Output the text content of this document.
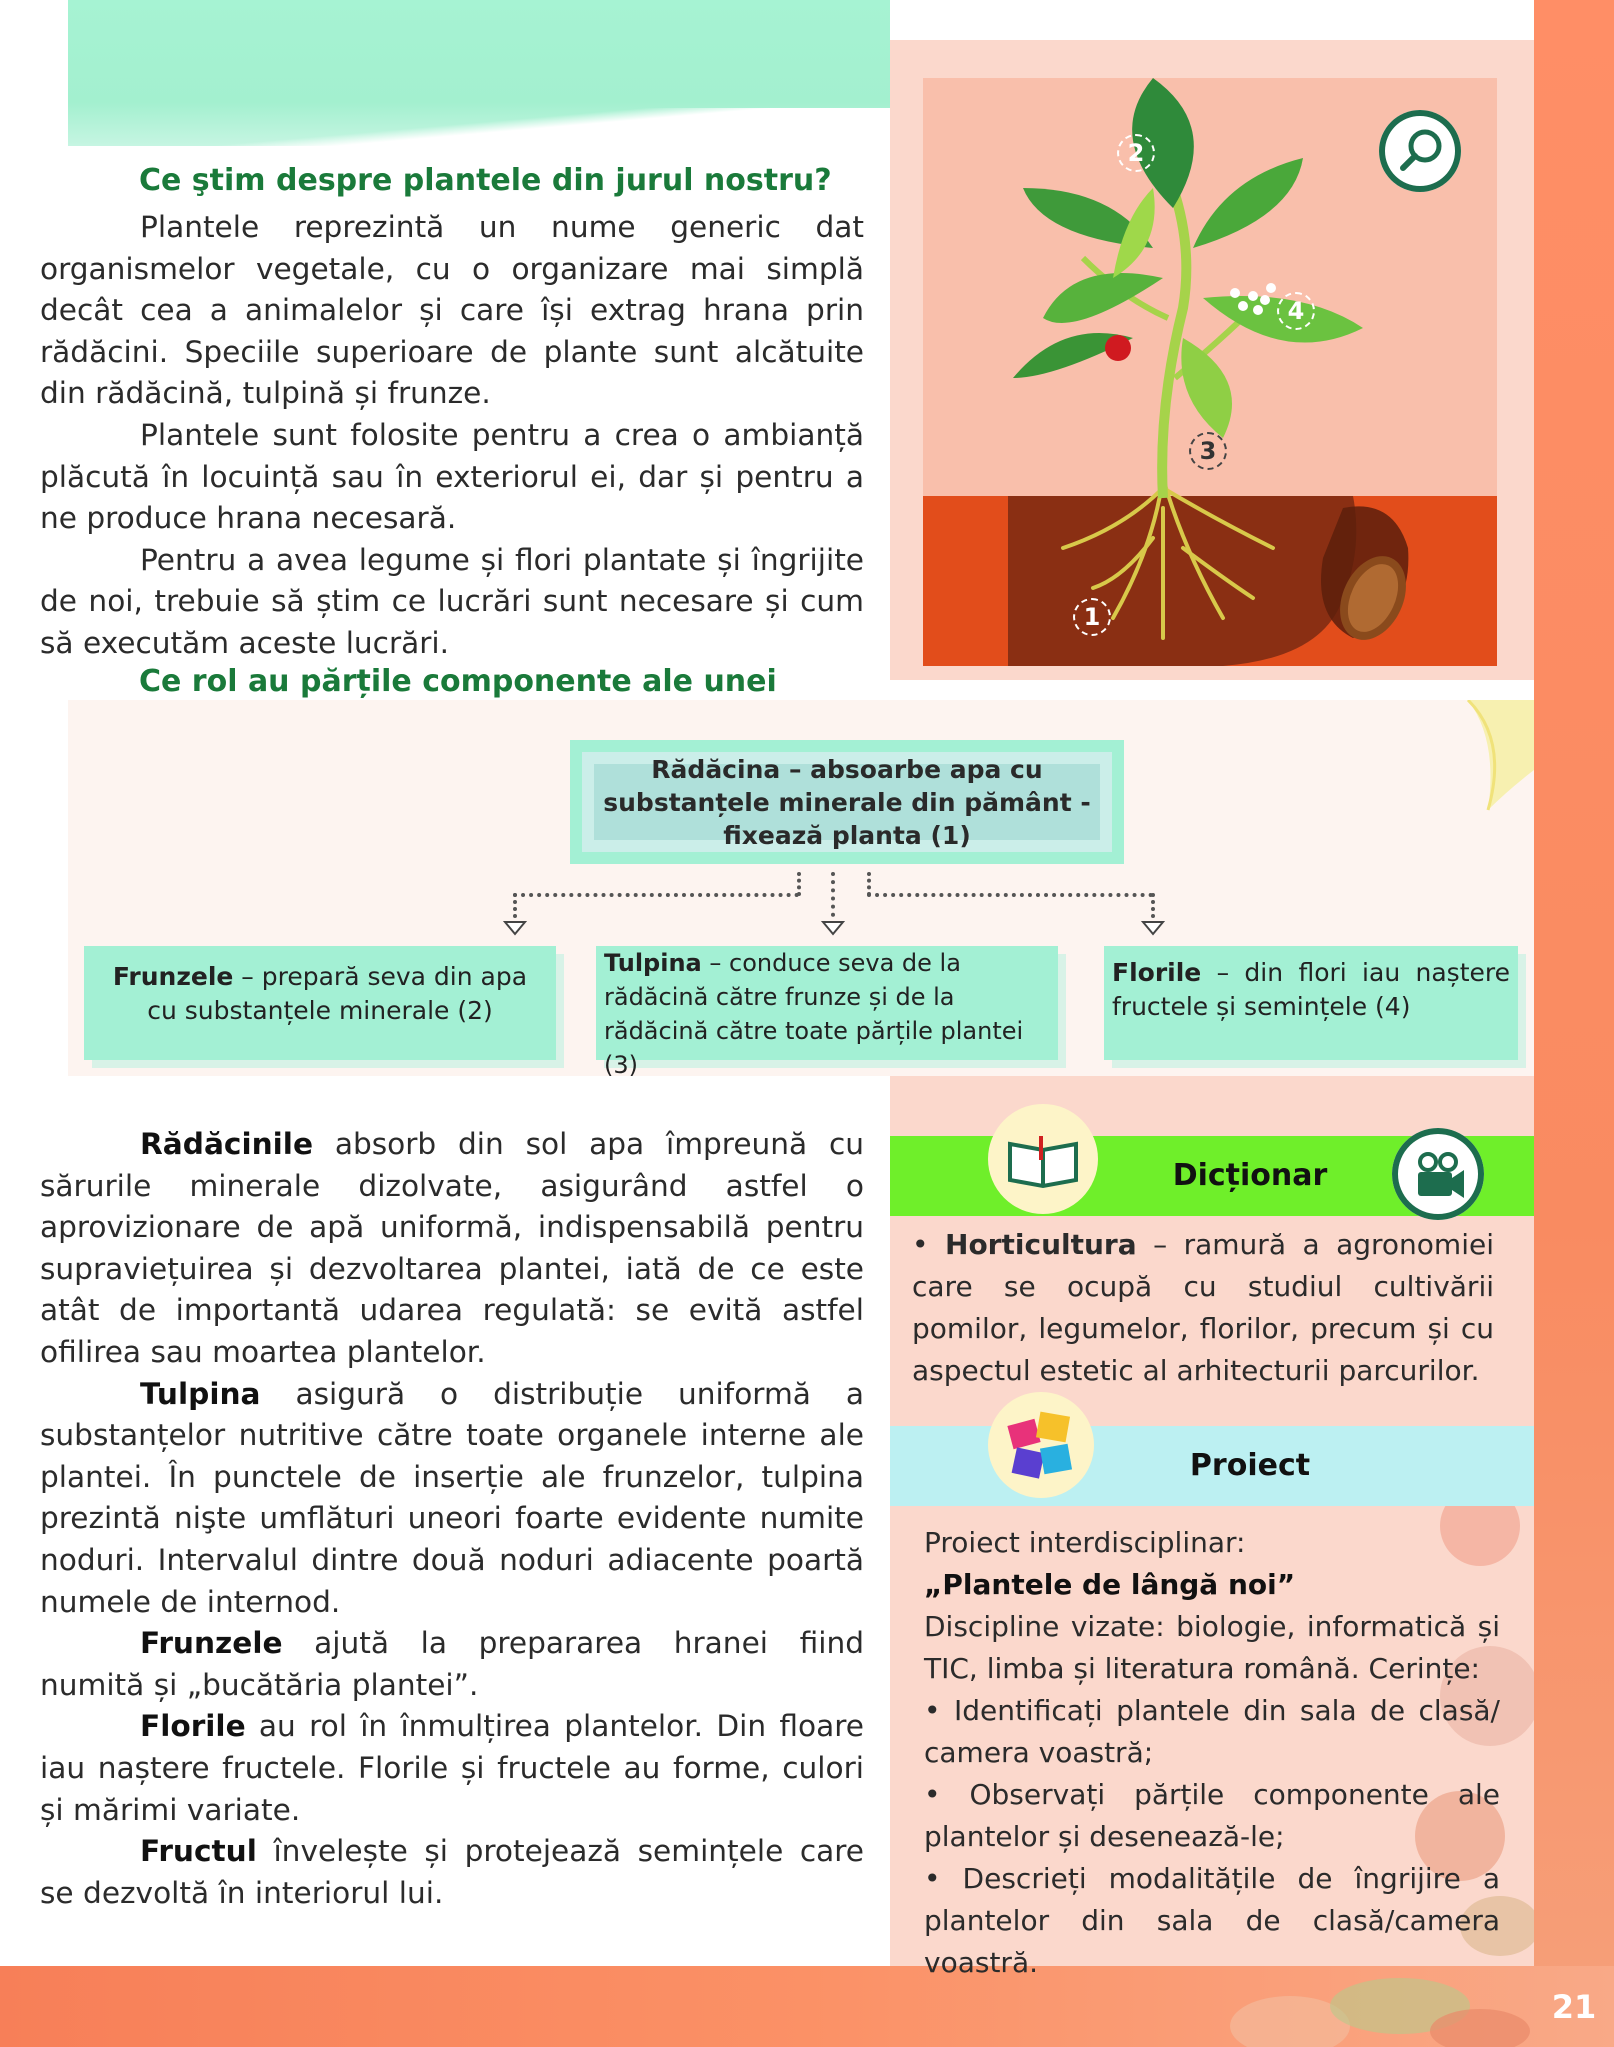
21
1
2
3
4
Ce ştim despre plantele din jurul nostru?

Plantele reprezintă un nume generic dat organismelor vegetale, cu o organizare mai simplă decât cea a animalelor și care își extrag hrana prin rădăcini. Speciile superioare de plante sunt alcătuite din rădăcină, tulpină și frunze.

Plantele sunt folosite pentru a crea o ambianță plăcută în locuință sau în exteriorul ei, dar și pentru a ne produce hrana necesară.

Pentru a avea legume și flori plantate și îngrijite de noi, trebuie să știm ce lucrări sunt necesare și cum să executăm aceste lucrări.

Ce rol au părțile componente ale unei
Rădăcina – absoarbe apa cu substanțele minerale din pământ - fixează planta (1)
Frunzele – prepară seva din apa cu substanțele minerale (2)
Tulpina – conduce seva de la rădăcină către frunze și de la rădăcină către toate părțile plantei (3)
Florile – din flori iau naștere fructele și semințele (4)

Rădăcinile absorb din sol apa împreună cu sărurile minerale dizolvate, asigurând astfel o aprovizionare de apă uniformă, indispensabilă pentru supraviețuirea și dezvoltarea plantei, iată de ce este atât de importantă udarea regulată: se evită astfel ofilirea sau moartea plantelor.

Tulpina asigură o distribuție uniformă a substanțelor nutritive către toate organele interne ale plantei. În punctele de inserție ale frunzelor, tulpina prezintă nişte umflături uneori foarte evidente numite noduri. Intervalul dintre două noduri adiacente poartă numele de internod.

Frunzele ajută la prepararea hranei fiind numită și „bucătăria plantei”.

Florile au rol în înmulțirea plantelor. Din floare iau naștere fructele. Florile și fructele au forme, culori și mărimi variate.

Fructul învelește și protejează semințele care se dezvoltă în interiorul lui.

Dicționar
• Horticultura – ramură a agronomiei care se ocupă cu studiul cultivării pomilor, legumelor, florilor, precum și cu aspectul estetic al arhitecturii parcurilor.
Proiect
Proiect interdisciplinar:
„Plantele de lângă noi”
Discipline vizate: biologie, informatică și TIC, limba și literatura română. Cerințe:
• Identificați plantele din sala de clasă/ camera voastră;
• Observați părțile componente ale plantelor și desenează-le;
• Descrieți modalitățile de îngrijire a plantelor din sala de clasă/camera voastră.
